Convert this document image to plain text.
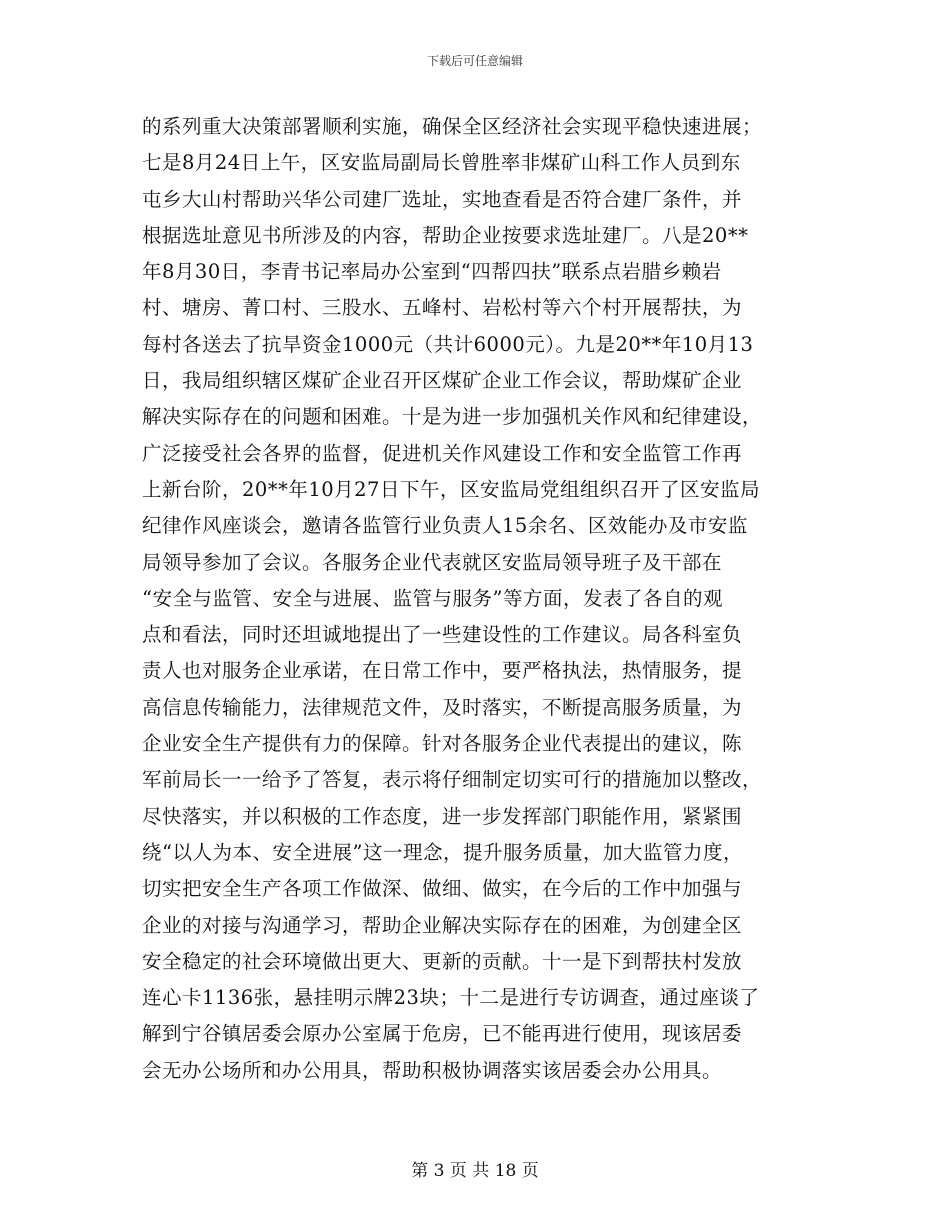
下载后可任意编辑
的系列重大决策部署顺利实施，确保全区经济社会实现平稳快速进展；
七是8月24日上午，区安监局副局长曾胜率非煤矿山科工作人员到东
屯乡大山村帮助兴华公司建厂选址，实地查看是否符合建厂条件，并
根据选址意见书所涉及的内容，帮助企业按要求选址建厂。八是20**
年8月30日，李青书记率局办公室到“四帮四扶”联系点岩腊乡赖岩
村、塘房、菁口村、三股水、五峰村、岩松村等六个村开展帮扶，为
每村各送去了抗旱资金1000元（共计6000元）。九是20**年10月13
日，我局组织辖区煤矿企业召开区煤矿企业工作会议，帮助煤矿企业
解决实际存在的问题和困难。十是为进一步加强机关作风和纪律建设，
广泛接受社会各界的监督，促进机关作风建设工作和安全监管工作再
上新台阶，20**年10月27日下午，区安监局党组组织召开了区安监局
纪律作风座谈会，邀请各监管行业负责人15余名、区效能办及市安监
局领导参加了会议。各服务企业代表就区安监局领导班子及干部在
“安全与监管、安全与进展、监管与服务”等方面，发表了各自的观
点和看法，同时还坦诚地提出了一些建设性的工作建议。局各科室负
责人也对服务企业承诺，在日常工作中，要严格执法，热情服务，提
高信息传输能力，法律规范文件，及时落实，不断提高服务质量，为
企业安全生产提供有力的保障。针对各服务企业代表提出的建议，陈
军前局长一一给予了答复，表示将仔细制定切实可行的措施加以整改，
尽快落实，并以积极的工作态度，进一步发挥部门职能作用，紧紧围
绕“以人为本、安全进展”这一理念，提升服务质量，加大监管力度，
切实把安全生产各项工作做深、做细、做实，在今后的工作中加强与
企业的对接与沟通学习，帮助企业解决实际存在的困难，为创建全区
安全稳定的社会环境做出更大、更新的贡献。十一是下到帮扶村发放
连心卡1136张，悬挂明示牌23块；十二是进行专访调查，通过座谈了
解到宁谷镇居委会原办公室属于危房，已不能再进行使用，现该居委
会无办公场所和办公用具，帮助积极协调落实该居委会办公用具。
第 3 页 共 18 页
